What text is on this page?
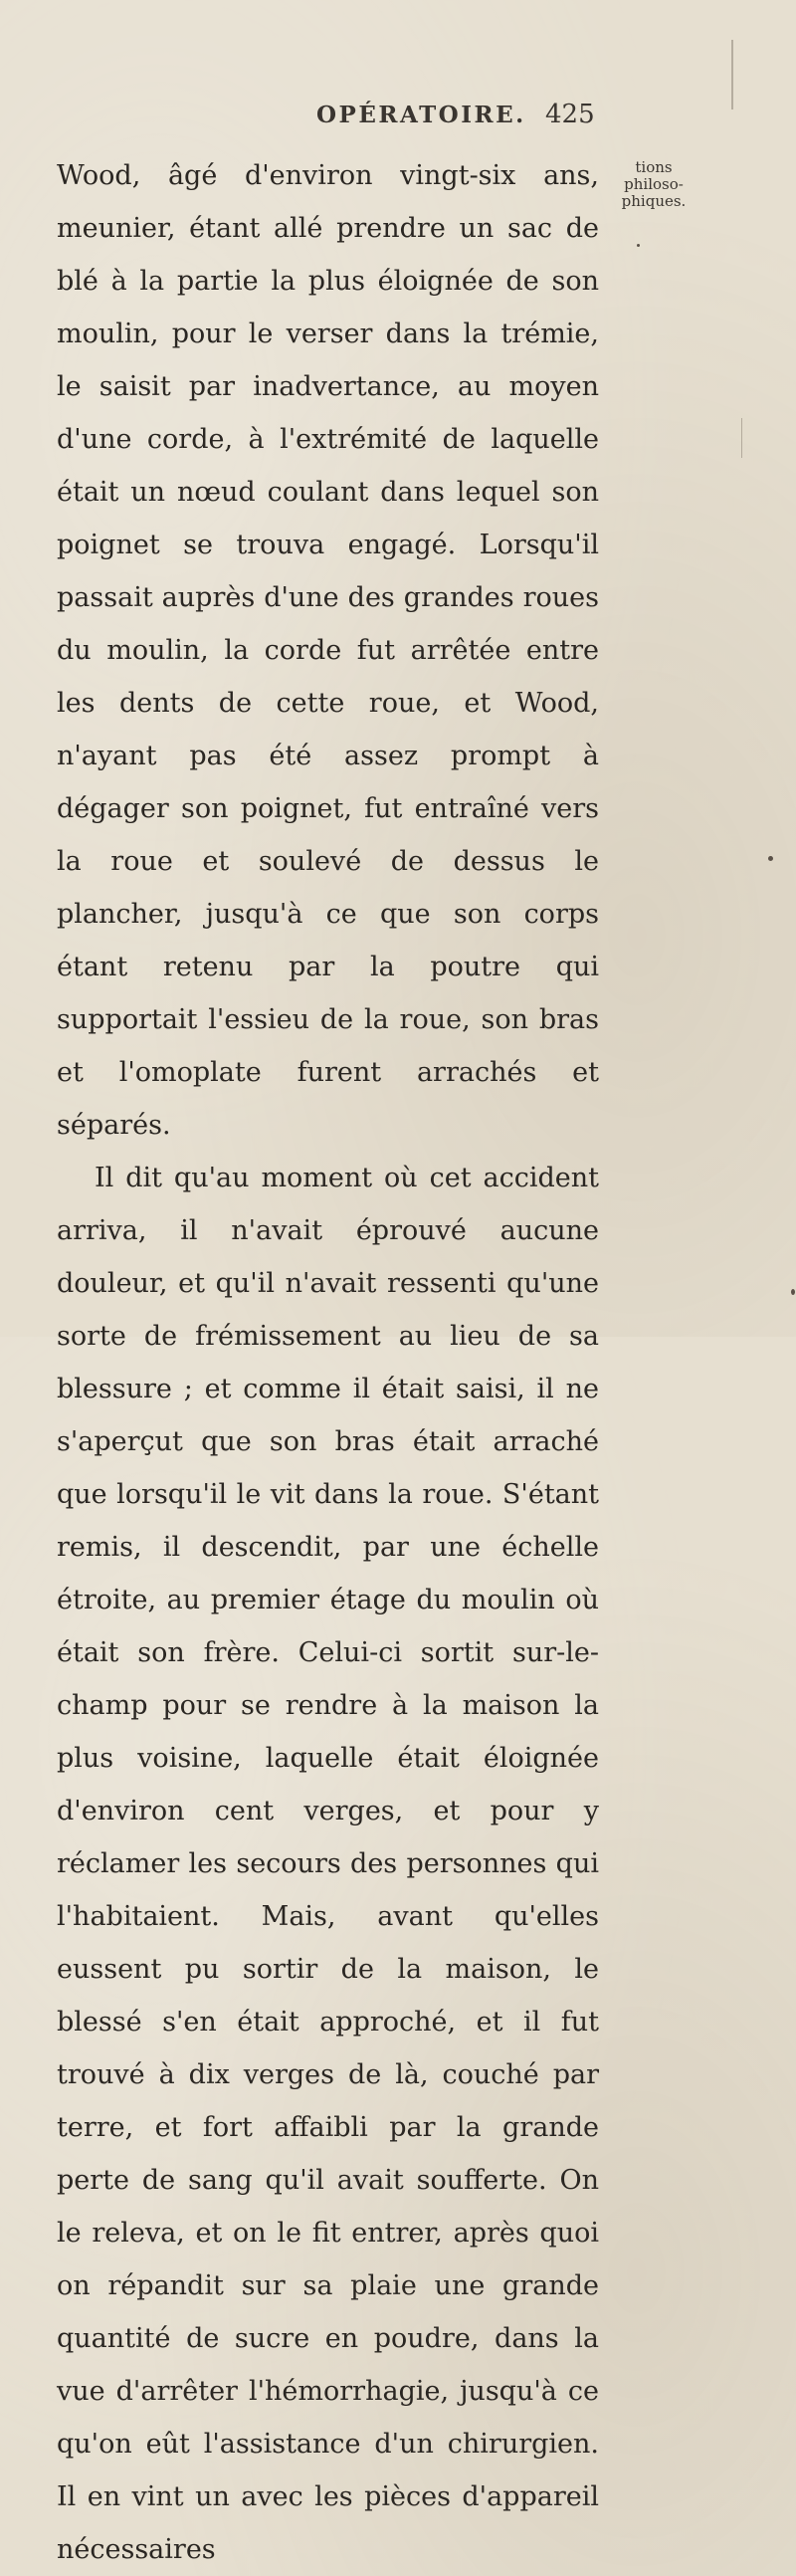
OPÉRATOIRE. 425
tions philoso-phiques.

Wood, âgé d'environ vingt-six ans, meunier, étant allé prendre un sac de blé à la partie la plus éloignée de son moulin, pour le verser dans la trémie, le saisit par inadvertance, au moyen d'une corde, à l'extrémité de laquelle était un nœud coulant dans lequel son poignet se trouva engagé. Lorsqu'il passait auprès d'une des grandes roues du moulin, la corde fut arrêtée entre les dents de cette roue, et Wood, n'ayant pas été assez prompt à dégager son poignet, fut entraîné vers la roue et soulevé de dessus le plancher, jusqu'à ce que son corps étant retenu par la poutre qui supportait l'essieu de la roue, son bras et l'omoplate furent arrachés et séparés.

Il dit qu'au moment où cet accident arriva, il n'avait éprouvé aucune douleur, et qu'il n'avait ressenti qu'une sorte de frémissement au lieu de sa blessure ; et comme il était saisi, il ne s'aperçut que son bras était arraché que lorsqu'il le vit dans la roue. S'étant remis, il descendit, par une échelle étroite, au premier étage du moulin où était son frère. Celui-ci sortit sur-le-champ pour se rendre à la maison la plus voisine, laquelle était éloignée d'environ cent verges, et pour y réclamer les secours des personnes qui l'habitaient. Mais, avant qu'elles eussent pu sortir de la maison, le blessé s'en était approché, et il fut trouvé à dix verges de là, couché par terre, et fort affaibli par la grande perte de sang qu'il avait soufferte. On le releva, et on le fit entrer, après quoi on répandit sur sa plaie une grande quantité de sucre en poudre, dans la vue d'arrêter l'hémorrhagie, jusqu'à ce qu'on eût l'assistance d'un chirurgien. Il en vint un avec les pièces d'appareil nécessaires
